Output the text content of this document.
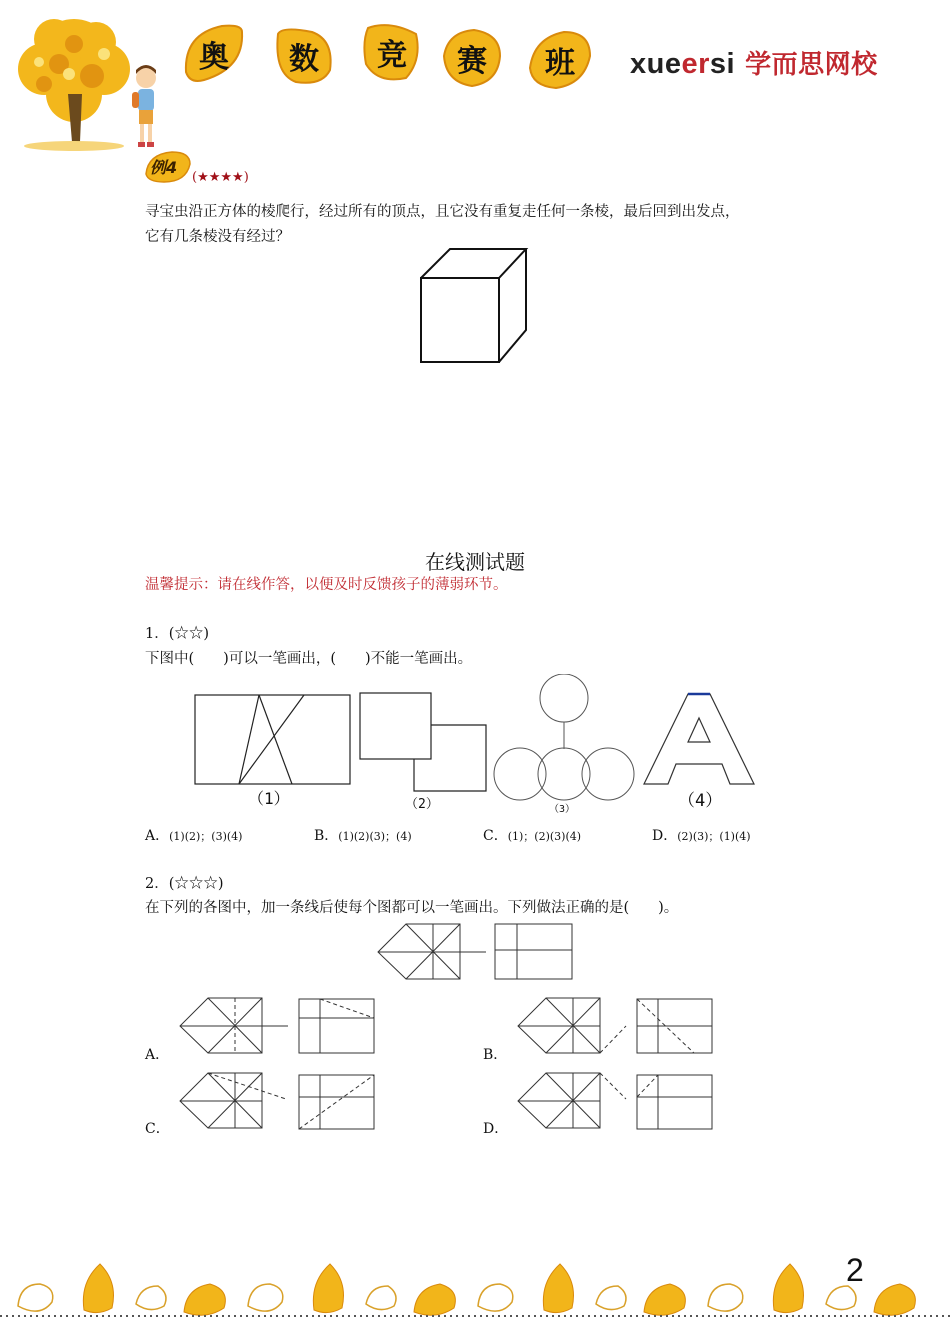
奥	数	竞	赛	班	xueersi 学而思网校
例4
(★★★★)
寻宝虫沿正方体的棱爬行，经过所有的顶点，且它没有重复走任何一条棱，最后回到出发点，
它有几条棱没有经过？
在线测试题
温馨提示：请在线作答，以便及时反馈孩子的薄弱环节。
1．(☆☆)
下图中(　　)可以一笔画出，(　　)不能一笔画出。
（1）	（2）	（3）	（4）
A．(1)(2)；(3)(4)	B．(1)(2)(3)；(4)	C．(1)；(2)(3)(4)	D．(2)(3)；(1)(4)
2．(☆☆☆)
在下列的各图中，加一条线后使每个图都可以一笔画出。下列做法正确的是(　　)。
A．	B．
C．	D．
2
